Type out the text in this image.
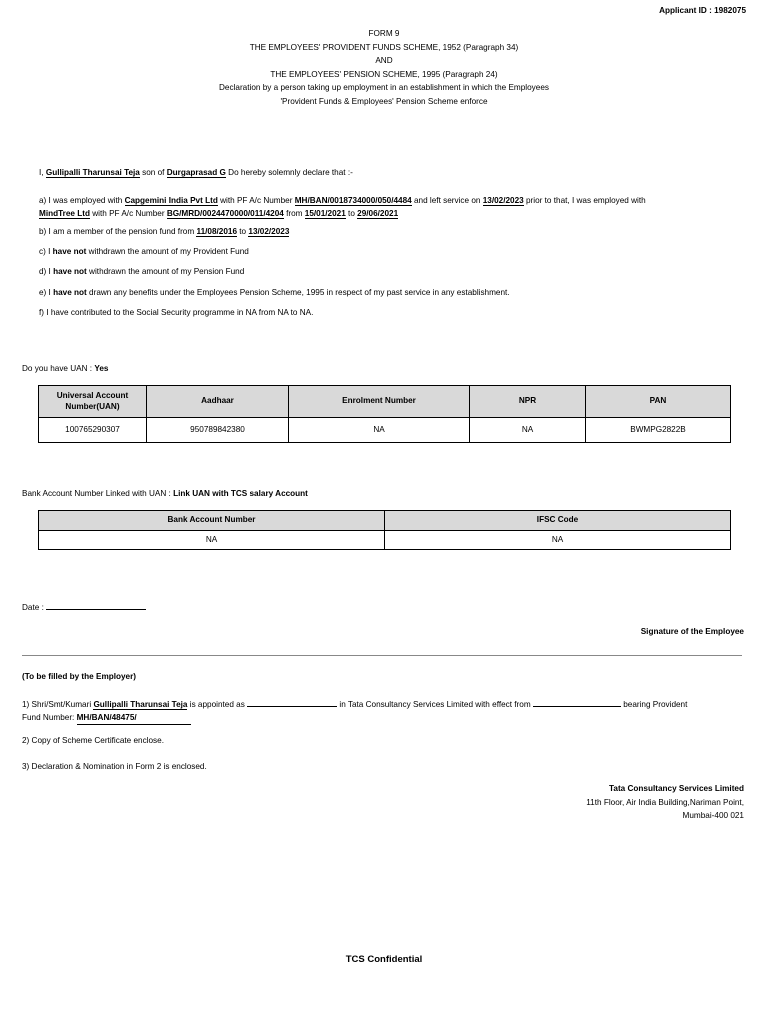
Applicant ID : 1982075
FORM 9
THE EMPLOYEES' PROVIDENT FUNDS SCHEME, 1952 (Paragraph 34)
AND
THE EMPLOYEES' PENSION SCHEME, 1995 (Paragraph 24)
Declaration by a person taking up employment in an establishment in which the Employees
'Provident Funds & Employees' Pension Scheme enforce
I, Gullipalli Tharunsai Teja son of Durgaprasad G Do hereby solemnly declare that :-
a) I was employed with Capgemini India Pvt Ltd with PF A/c Number MH/BAN/0018734000/050/4484 and left service on 13/02/2023 prior to that, I was employed with
MindTree Ltd with PF A/c Number BG/MRD/0024470000/011/4204 from 15/01/2021 to 29/06/2021
b) I am a member of the pension fund from 11/08/2016 to 13/02/2023
c) I have not withdrawn the amount of my Provident Fund
d) I have not withdrawn the amount of my Pension Fund
e) I have not drawn any benefits under the Employees Pension Scheme, 1995 in respect of my past service in any establishment.
f) I have contributed to the Social Security programme in NA from NA to NA.
Do you have UAN : Yes
Universal Account Number(UAN)	Aadhaar	Enrolment Number	NPR	PAN
100765290307	950789842380	NA	NA	BWMPG2822B
Bank Account Number Linked with UAN : Link UAN with TCS salary Account
Bank Account Number	IFSC Code
NA	NA
Date :
Signature of the Employee
(To be filled by the Employer)
1) Shri/Smt/Kumari Gullipalli Tharunsai Teja is appointed as	in Tata Consultancy Services Limited with effect from	bearing Provident
Fund Number: MH/BAN/48475/
2) Copy of Scheme Certificate enclose.
3) Declaration & Nomination in Form 2 is enclosed.
Tata Consultancy Services Limited
11th Floor, Air India Building,Nariman Point,
Mumbai-400 021
TCS Confidential
